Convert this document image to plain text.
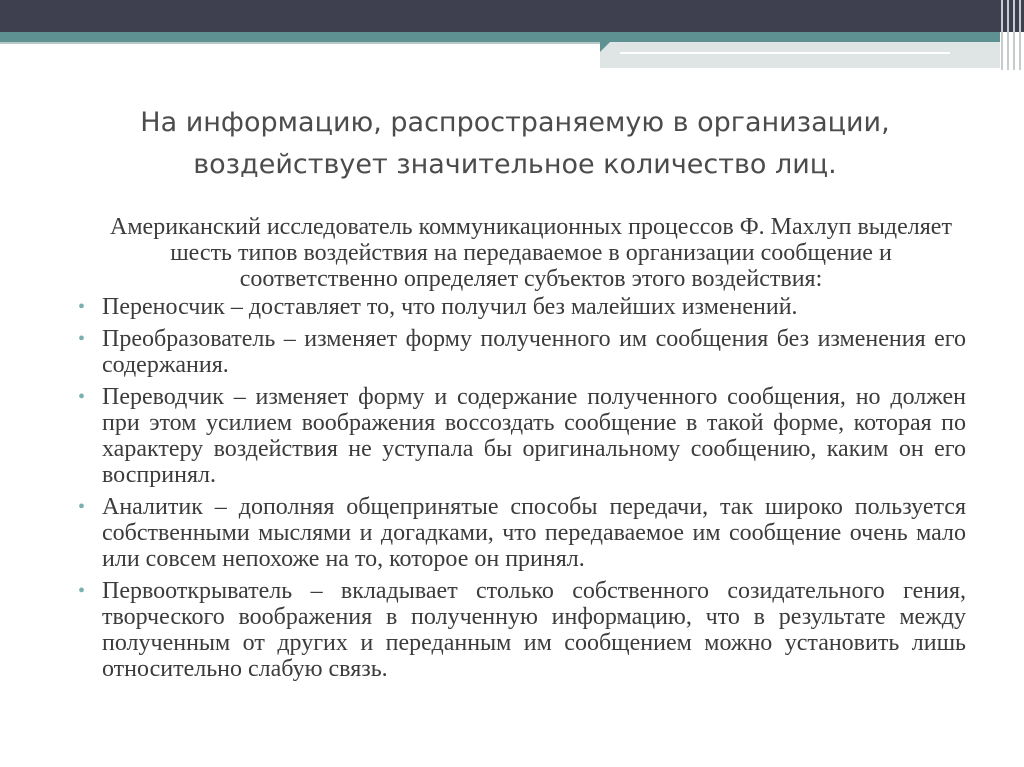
На информацию, распространяемую в организации, воздействует значительное количество лиц.

Американский исследователь коммуникационных процессов Ф. Махлуп выделяет шесть типов воздействия на передаваемое в организации сообщение и соответственно определяет субъектов этого воздействия:

• Переносчик – доставляет то, что получил без малейших изменений.
• Преобразователь – изменяет форму полученного им сообщения без изменения его содержания.
• Переводчик – изменяет форму и содержание полученного сообщения, но должен при этом усилием воображения воссоздать сообщение в такой форме, которая по характеру воздействия не уступала бы оригинальному сообщению, каким он его воспринял.
• Аналитик – дополняя общепринятые способы передачи, так широко пользуется собственными мыслями и догадками, что передаваемое им сообщение очень мало или совсем непохоже на то, которое он принял.
• Первооткрыватель – вкладывает столько собственного созидательного гения, творческого воображения в полученную информацию, что в результате между полученным от других и переданным им сообщением можно установить лишь относительно слабую связь.
